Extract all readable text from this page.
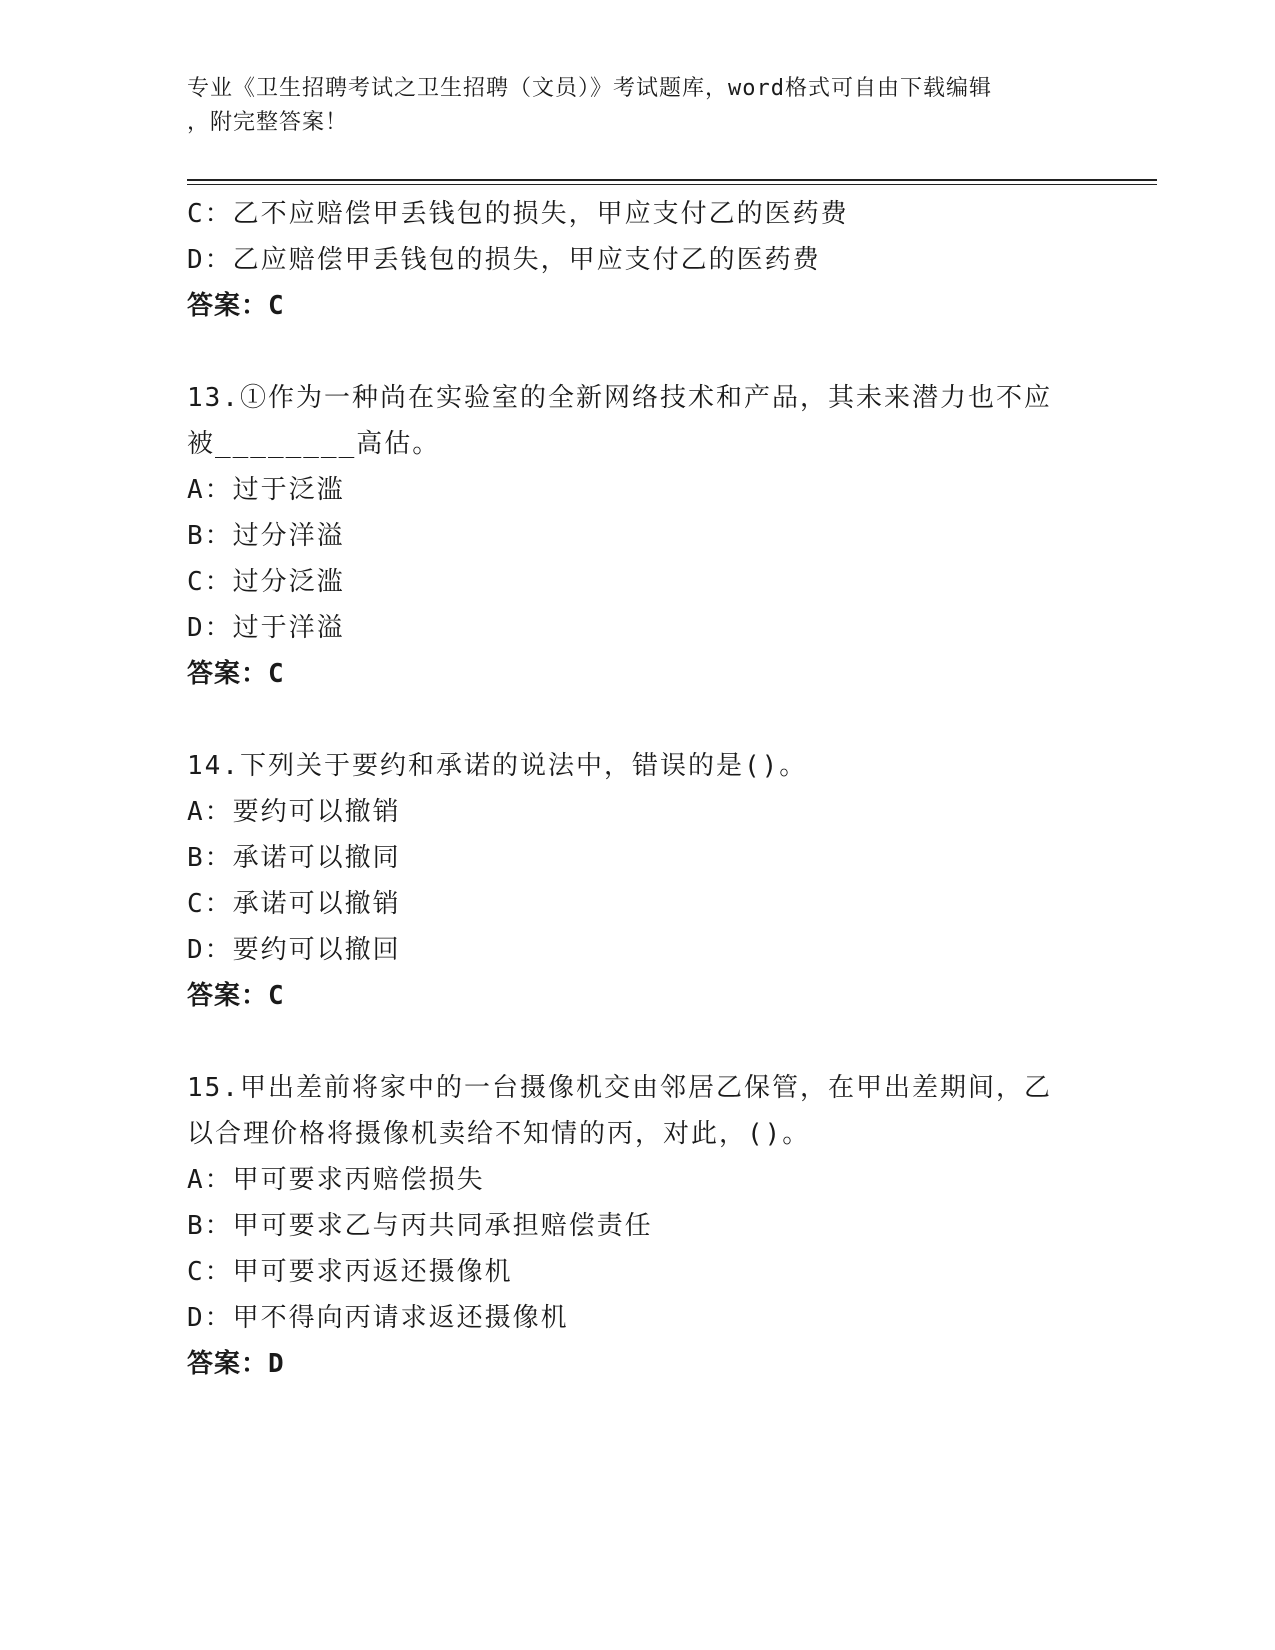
专业《卫生招聘考试之卫生招聘（文员）》考试题库，word格式可自由下载编辑
，附完整答案！
C：乙不应赔偿甲丢钱包的损失，甲应支付乙的医药费
D：乙应赔偿甲丢钱包的损失，甲应支付乙的医药费
答案：C
13.①作为一种尚在实验室的全新网络技术和产品，其未来潜力也不应
被________高估。
A：过于泛滥
B：过分洋溢
C：过分泛滥
D：过于洋溢
答案：C
14.下列关于要约和承诺的说法中，错误的是()。
A：要约可以撤销
B：承诺可以撤同
C：承诺可以撤销
D：要约可以撤回
答案：C
15.甲出差前将家中的一台摄像机交由邻居乙保管，在甲出差期间，乙
以合理价格将摄像机卖给不知情的丙，对此，()。
A：甲可要求丙赔偿损失
B：甲可要求乙与丙共同承担赔偿责任
C：甲可要求丙返还摄像机
D：甲不得向丙请求返还摄像机
答案：D
